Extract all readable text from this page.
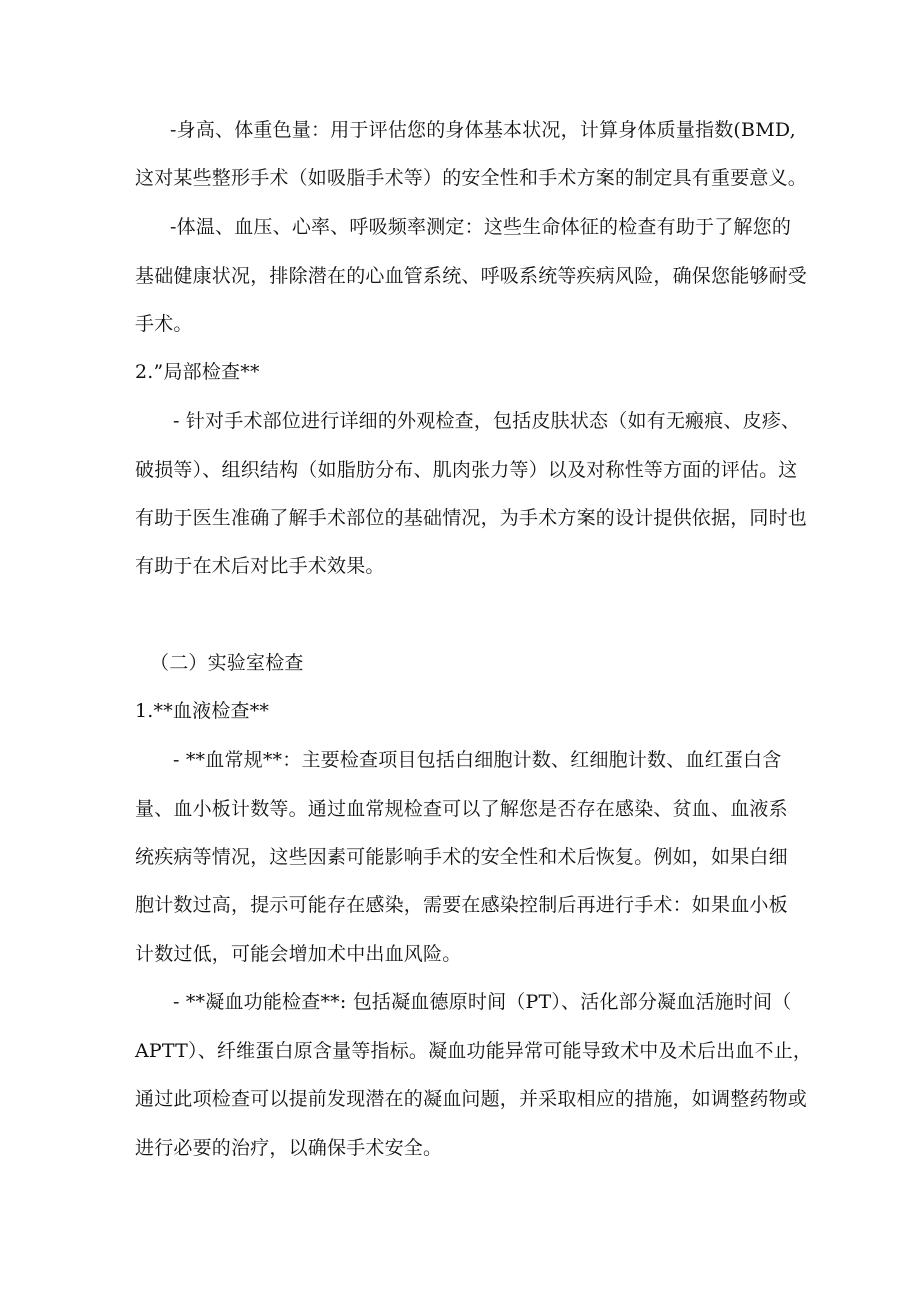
-身高、体重色量：用于评估您的身体基本状况，计算身体质量指数(BMD,

这对某些整形手术（如吸脂手术等）的安全性和手术方案的制定具有重要意义。

-体温、血压、心率、呼吸频率测定：这些生命体征的检查有助于了解您的

基础健康状况，排除潜在的心血管系统、呼吸系统等疾病风险，确保您能够耐受

手术。

2.”局部检查**

- 针对手术部位进行详细的外观检查，包括皮肤状态（如有无瘢痕、皮疹、

破损等）、组织结构（如脂肪分布、肌肉张力等）以及对称性等方面的评估。这

有助于医生准确了解手术部位的基础情况，为手术方案的设计提供依据，同时也

有助于在术后对比手术效果。

（二）实验室检查

1.**血液检查**

- **血常规**：主要检查项目包括白细胞计数、红细胞计数、血红蛋白含

量、血小板计数等。通过血常规检查可以了解您是否存在感染、贫血、血液系

统疾病等情况，这些因素可能影响手术的安全性和术后恢复。例如，如果白细

胞计数过高，提示可能存在感染，需要在感染控制后再进行手术：如果血小板

计数过低，可能会增加术中出血风险。

- **凝血功能检查**: 包括凝血德原时间（PT）、活化部分凝血活施时间（

APTT）、纤维蛋白原含量等指标。凝血功能异常可能导致术中及术后出血不止，

通过此项检查可以提前发现潜在的凝血问题，并采取相应的措施，如调整药物或

进行必要的治疗，以确保手术安全。
